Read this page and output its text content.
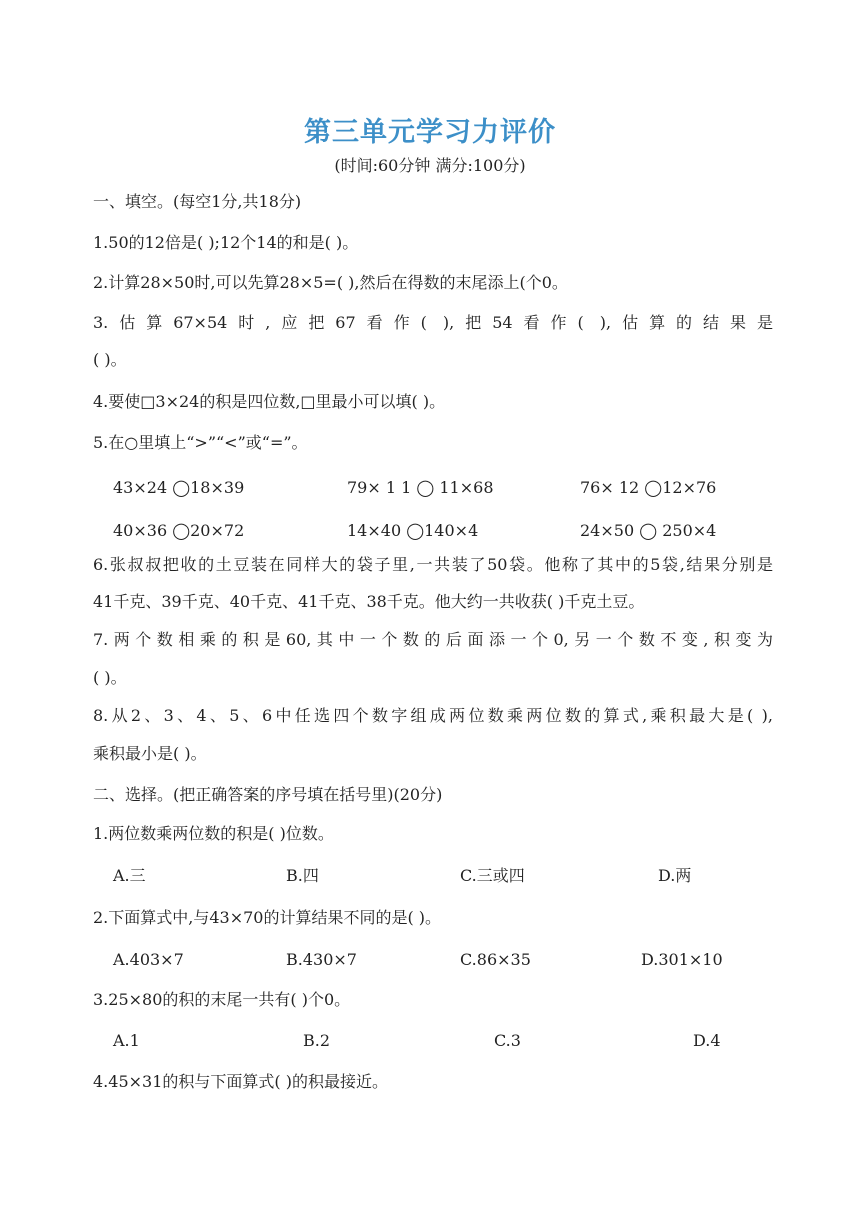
第三单元学习力评价
(时间:60分钟 满分:100分)
一、填空。(每空1分,共18分)
1.50的12倍是( );12个14的和是( )。
2.计算28×50时,可以先算28×5=( ),然后在得数的末尾添上(个0。
3.估算67×54时,应把67看作( ),把54看作( ),估算的结果是
( )。
4.要使□3×24的积是四位数,□里最小可以填( )。
5.在○里填上“>”“<”或“=”。
43×24 ◯18×39	79× 1 1 ◯ 11×68	76× 12 ◯12×76
40×36 ◯20×72	14×40 ◯140×4	24×50 ◯ 250×4
6.张叔叔把收的土豆装在同样大的袋子里,一共装了50袋。他称了其中的5袋,结果分别是
41千克、39千克、40千克、41千克、38千克。他大约一共收获( )千克土豆。
7.两个数相乘的积是60,其中一个数的后面添一个0,另一个数不变,积变为
( )。
8.从2、3、4、5、6中任选四个数字组成两位数乘两位数的算式,乘积最大是( ),
乘积最小是( )。
二、选择。(把正确答案的序号填在括号里)(20分)
1.两位数乘两位数的积是( )位数。
A.三	B.四	C.三或四	D.两
2.下面算式中,与43×70的计算结果不同的是( )。
A.403×7	B.430×7	C.86×35	D.301×10
3.25×80的积的末尾一共有( )个0。
A.1	B.2	C.3	D.4
4.45×31的积与下面算式( )的积最接近。
